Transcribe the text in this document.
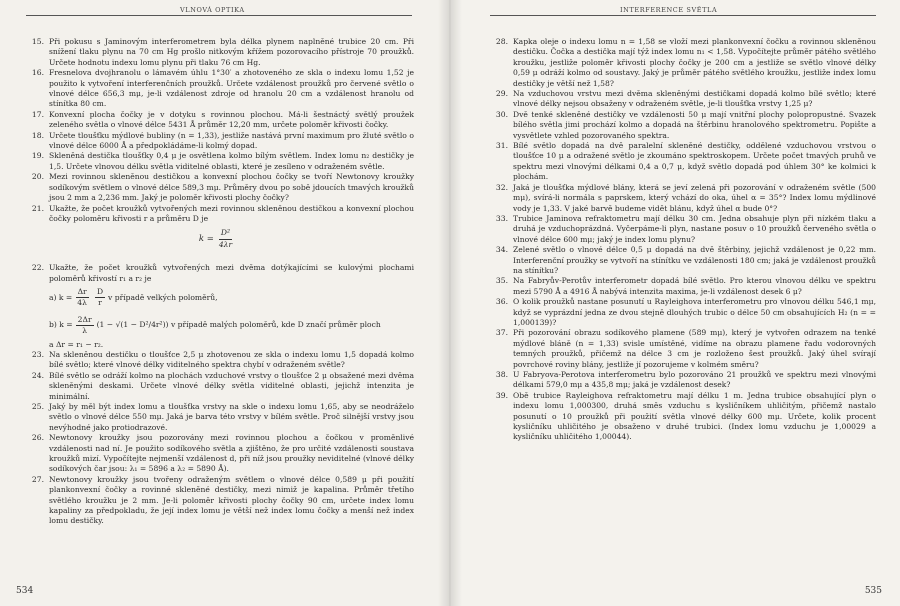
VLNOVÁ OPTIKA
15. Při pokusu s Jaminovým interferometrem byla délka plynem naplněné trubice 20 cm. Při snížení tlaku plynu na 70 cm Hg prošlo nitkovým křížem pozorovacího přístroje 70 proužků. Určete hodnotu indexu lomu plynu při tlaku 76 cm Hg.
16. Fresnelova dvojhranolu o lámavém úhlu 1°30′ a zhotoveného ze skla o indexu lomu 1,52 je použito k vytvoření interferenčních proužků. Určete vzdálenost proužků pro červené světlo o vlnové délce 656,3 mμ, je-li vzdálenost zdroje od hranolu 20 cm a vzdálenost hranolu od stínítka 80 cm.
17. Konvexní plocha čočky je v dotyku s rovinnou plochou. Má-li šestnáctý světlý proužek zeleného světla o vlnové délce 5431 Å průměr 12,20 mm, určete poloměr křivosti čočky.
18. Určete tloušťku mýdlové bubliny (n = 1,33), jestliže nastává první maximum pro žluté světlo o vlnové délce 6000 Å a předpokládáme-li kolmý dopad.
19. Skleněná destička tloušťky 0,4 μ je osvětlena kolmo bílým světlem. Index lomu n₂ destičky je 1,5. Určete vlnovou délku světla viditelné oblasti, které je zesíleno v odraženém světle.
20. Mezi rovinnou skleněnou destičkou a konvexní plochou čočky se tvoří Newtonovy kroužky sodíkovým světlem o vlnové délce 589,3 mμ. Průměry dvou po sobě jdoucích tmavých kroužků jsou 2 mm a 2,236 mm. Jaký je poloměr křivosti plochy čočky?
21. Ukažte, že počet kroužků vytvořených mezi rovinnou skleněnou destičkou a konvexní plochou čočky poloměru křivosti r a průměru D je
$k = \frac{\text{D²}}{4\lambda r}$
22. Ukažte, že počet kroužků vytvořených mezi dvěma dotýkajícími se kulovými plochami poloměrů křivostí r₁ a r₂ je
a) $k = \frac{\Delta r}{4\lambda} \frac{D}{r}$ v případě velkých poloměrů,
b) $k = \frac{2\Delta r}{\lambda} (1 - √(1 - D^2/4r^2))$
v případě malých poloměrů, kde D značí průměr ploch
a Δr = r₁ − r₂.
23. Na skleněnou destičku o tloušťce 2,5 μ zhotovenou ze skla o indexu lomu 1,5 dopadá kolmo bílé světlo; které vlnové délky viditelného spektra chybí v odraženém světle?
24. Bílé světlo se odráží kolmo na plochách vzduchové vrstvy o tloušťce 2 μ obsažené mezi dvěma skleněnými deskami. Určete vlnové délky světla viditelné oblasti, jejichž intenzita je minimální.
25. Jaký by měl být index lomu a tloušťka vrstvy na skle o indexu lomu 1,65, aby se neodráželo světlo o vlnové délce 550 mμ. Jaká je barva této vrstvy v bílém světle. Proč silnější vrstvy jsou nevýhodné jako protiodrazové.
26. Newtonovy kroužky jsou pozorovány mezi rovinnou plochou a čočkou v proměnlivé vzdálenosti nad ní. Je použito sodíkového světla a zjištěno, že pro určité vzdálenosti soustava kroužků mizí. Vypočítejte nejmenší vzdálenost d, při níž jsou proužky neviditelné (vlnové délky sodíkových čar jsou: λ₁ = 5896 a λ₂ = 5890 Å).
27. Newtonovy kroužky jsou tvořeny odraženým světlem o vlnové délce 0,589 μ při použití plankonvexní čočky a rovinné skleněné destičky, mezi nimiž je kapalina. Průměr třetího světlého kroužku je 2 mm. Je-li poloměr křivosti plochy čočky 90 cm, určete index lomu kapaliny za předpokladu, že její index lomu je větší než index lomu čočky a menší než index lomu destičky.
534
INTERFERENCE SVĚTLA
28. Kapka oleje o indexu lomu n = 1,58 se vloží mezi plankonvexní čočku a rovinnou skleněnou destičku. Čočka a destička mají týž index lomu n₁ < 1,58. Vypočítejte průměr pátého světlého kroužku, jestliže poloměr křivosti plochy čočky je 200 cm a jestliže se světlo vlnové délky 0,59 μ odráží kolmo od soustavy. Jaký je průměr pátého světlého kroužku, jestliže index lomu destičky je větší než 1,58?
29. Na vzduchovou vrstvu mezi dvěma skleněnými destičkami dopadá kolmo bílé světlo; které vlnové délky nejsou obsaženy v odraženém světle, je-li tloušťka vrstvy 1,25 μ?
30. Dvě tenké skleněné destičky ve vzdálenosti 50 μ mají vnitřní plochy polopropustné. Svazek bílého světla jimi prochází kolmo a dopadá na štěrbinu hranolového spektrometru. Popište a vysvětlete vzhled pozorovaného spektra.
31. Bílé světlo dopadá na dvě paralelní skleněné destičky, oddělené vzduchovou vrstvou o tloušťce 10 μ a odražené světlo je zkoumáno spektroskopem. Určete počet tmavých pruhů ve spektru mezi vlnovými délkami 0,4 a 0,7 μ, když světlo dopadá pod úhlem 30° ke kolmici k plochám.
32. Jaká je tloušťka mýdlové blány, která se jeví zelená při pozorování v odraženém světle (500 mμ), svírá-li normála s paprskem, který vchází do oka, úhel α = 35°? Index lomu mýdlinové vody je 1,33. V jaké barvě budeme vidět blánu, když úhel α bude 0°?
33. Trubice Jaminova refraktometru mají délku 30 cm. Jedna obsahuje plyn při nízkém tlaku a druhá je vzduchoprázdná. Vyčerpáme-li plyn, nastane posuv o 10 proužků červeného světla o vlnové délce 600 mμ; jaký je index lomu plynu?
34. Zelené světlo o vlnové délce 0,5 μ dopadá na dvě štěrbiny, jejichž vzdálenost je 0,22 mm. Interferenční proužky se vytvoří na stínítku ve vzdálenosti 180 cm; jaká je vzdálenost proužků na stínítku?
35. Na Fabryův-Perotův interferometr dopadá bílé světlo. Pro kterou vlnovou délku ve spektru mezi 5790 Å a 4916 Å nabývá intenzita maxima, je-li vzdálenost desek 6 μ?
36. O kolik proužků nastane posunutí u Rayleighova interferometru pro vlnovou délku 546,1 mμ, když se vyprázdní jedna ze dvou stejně dlouhých trubic o délce 50 cm obsahujících H₂ (n = = 1,000139)?
37. Při pozorování obrazu sodíkového plamene (589 mμ), který je vytvořen odrazem na tenké mýdlové bláně (n = 1,33) svisle umístěné, vidíme na obrazu plamene řadu vodorovných temných proužků, přičemž na délce 3 cm je rozloženo šest proužků. Jaký úhel svírají povrchové roviny blány, jestliže jí pozorujeme v kolmém směru?
38. U Fabryova-Perotova interferometru bylo pozorováno 21 proužků ve spektru mezi vlnovými délkami 579,0 mμ a 435,8 mμ; jaká je vzdálenost desek?
39. Obě trubice Rayleighova refraktometru mají délku 1 m. Jedna trubice obsahující plyn o indexu lomu 1,000300, druhá směs vzduchu s kysličníkem uhličitým, přičemž nastalo posunutí o 10 proužků při použití světla vlnové délky 600 mμ. Určete, kolik procent kysličníku uhličitého je obsaženo v druhé trubici. (Index lomu vzduchu je 1,00029 a kysličníku uhličitého 1,00044).
535
